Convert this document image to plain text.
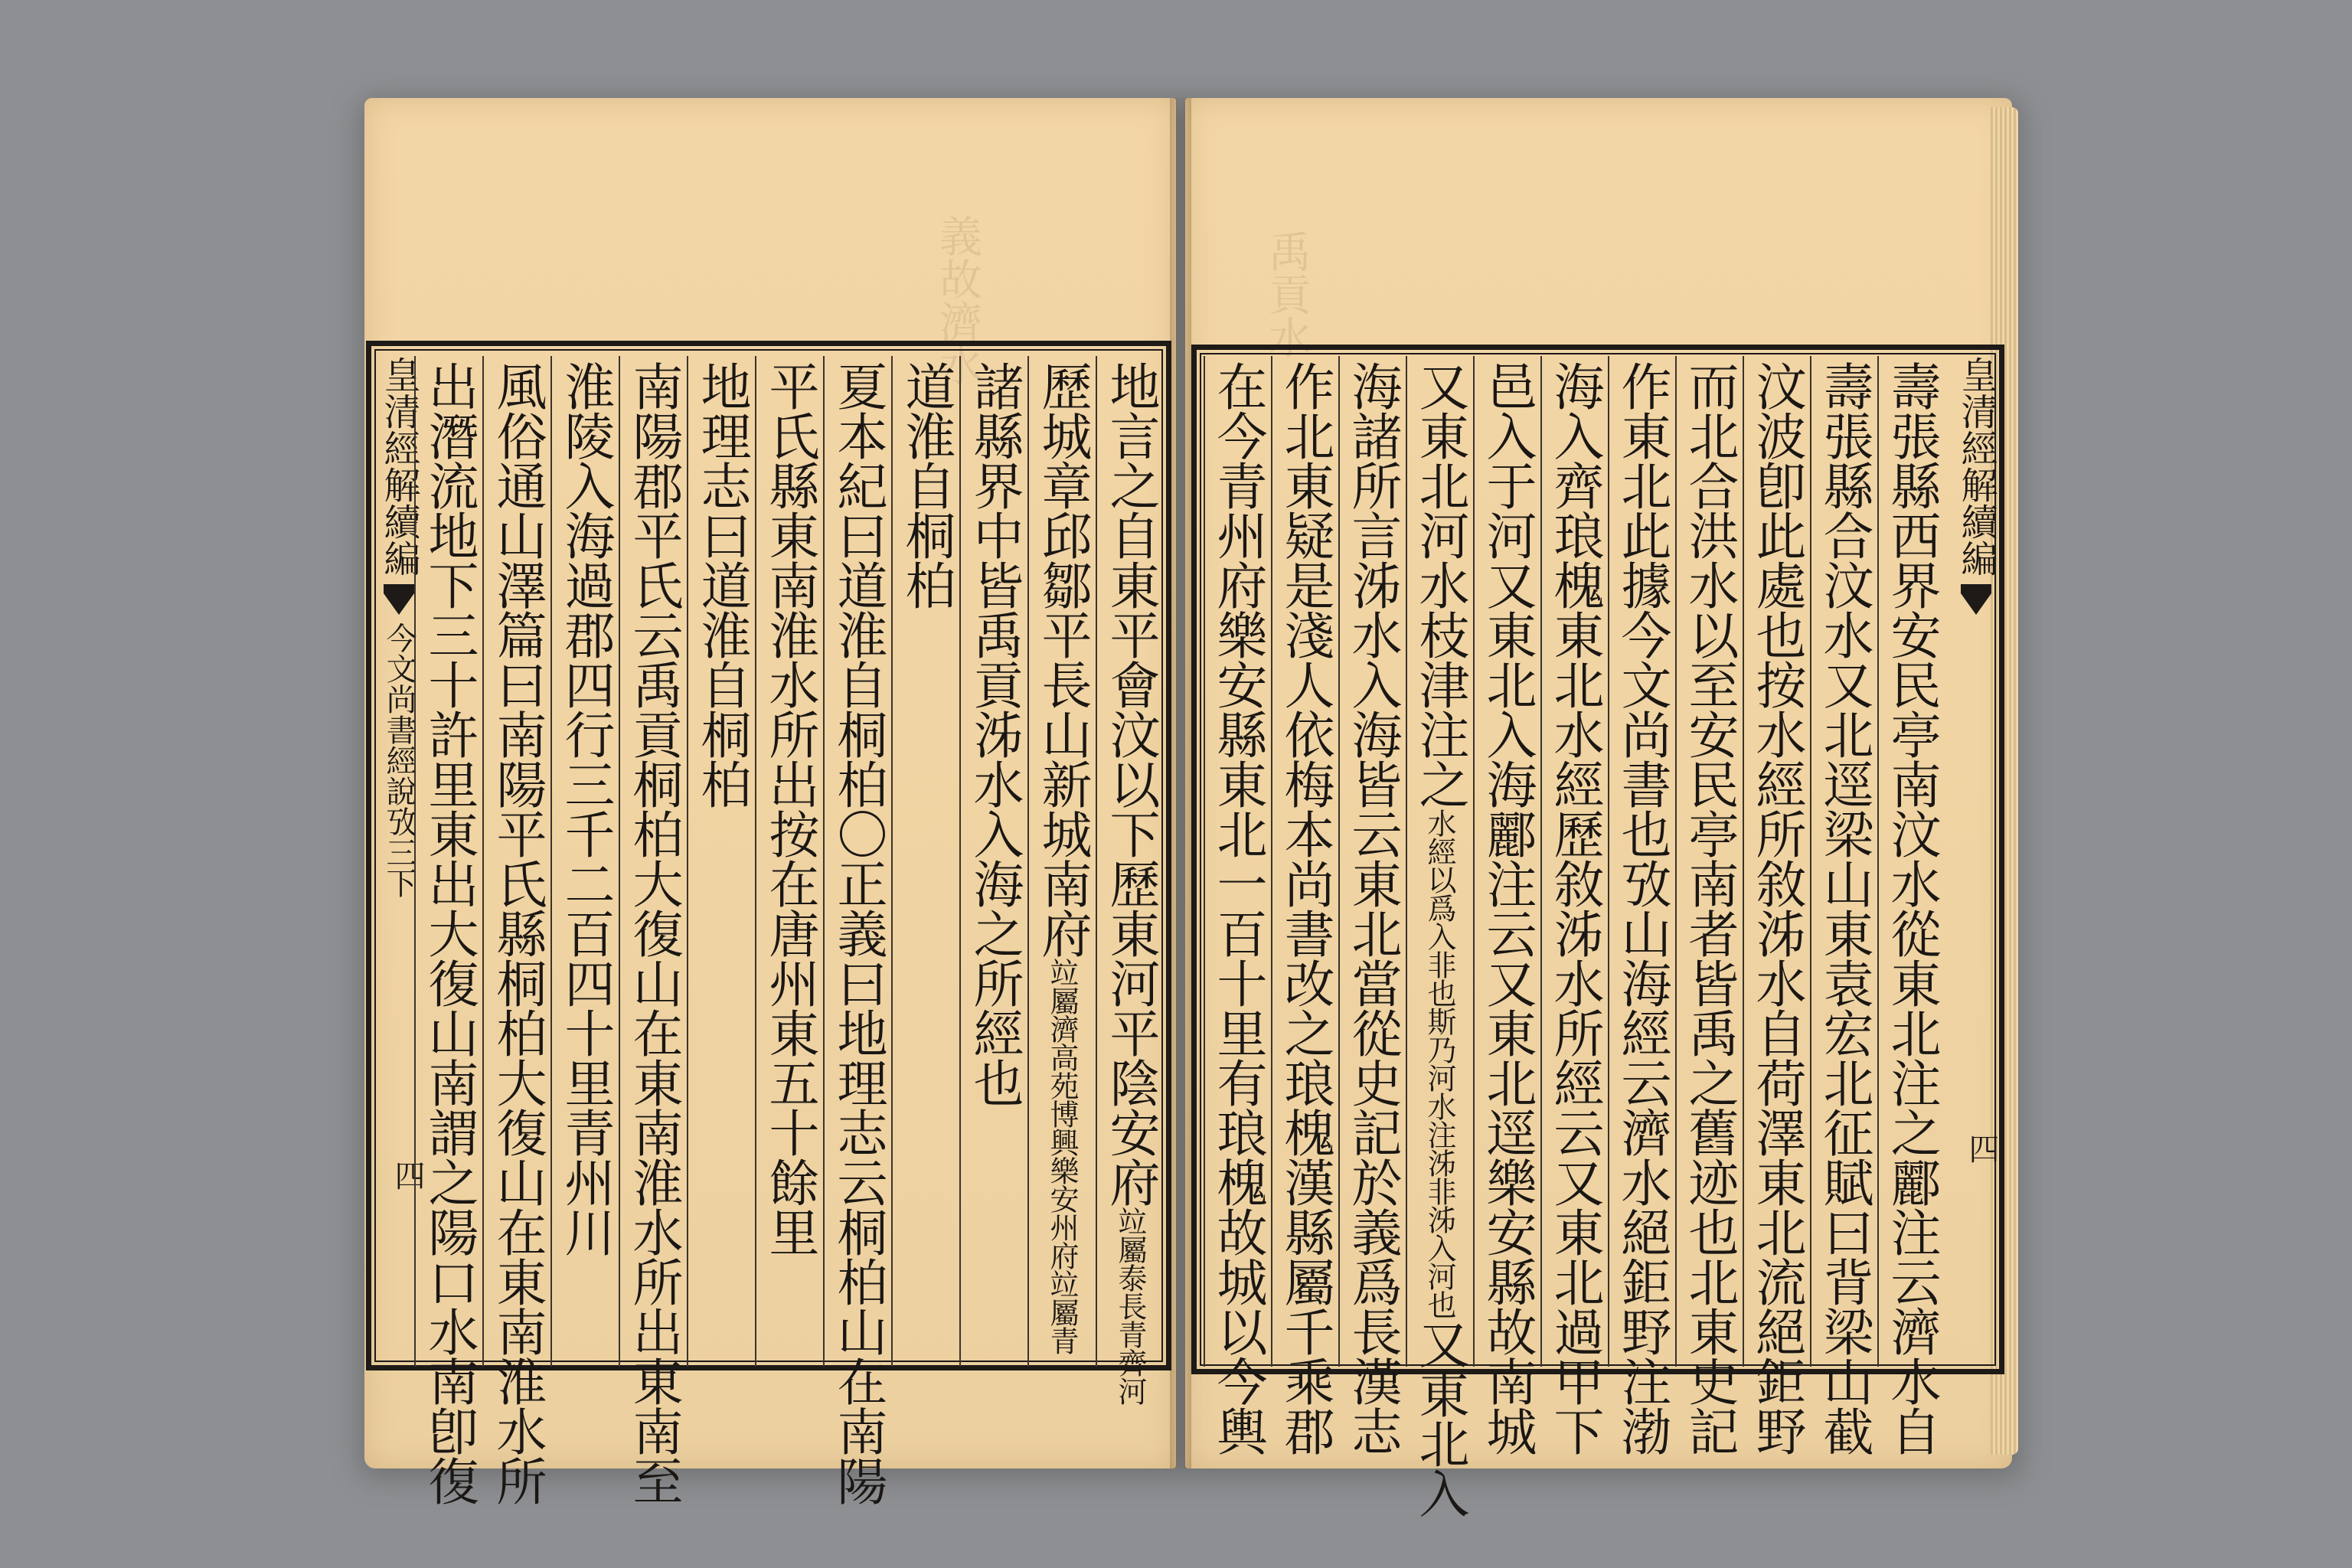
義故濟水	禹貢水
皇清經解續編今文尚書經說攷三下
四	地言之自東平會汶以下歷東河平陰安府竝屬泰長青齊河
歷城章邱鄒平長山新城南府竝屬濟高苑博興樂安州府竝屬青
諸縣界中皆禹貢泲水入海之所經也
道淮自桐柏
夏本紀曰道淮自桐柏〇正義曰地理志云桐柏山在南陽
平氏縣東南淮水所出按在唐州東五十餘里
地理志曰道淮自桐柏
南陽郡平氏云禹貢桐柏大復山在東南淮水所出東南至
淮陵入海過郡四行三千二百四十里青州川
風俗通山澤篇曰南陽平氏縣桐柏大復山在東南淮水所
出潛流地下三十許里東出大復山南謂之陽口水南卽復	皇清經解續編
四
壽張縣西界安民亭南汶水從東北注之酈注云濟水自
壽張縣合汶水又北逕梁山東袁宏北征賦曰背梁山截
汶波卽此處也按水經所敘泲水自荷澤東北流絕鉅野
而北合洪水以至安民亭南者皆禹之舊迹也北東史記
作東北此據今文尚書也攷山海經云濟水絕鉅野注渤
海入齊琅槐東北水經歷敘泲水所經云又東北過甲下
邑入于河又東北入海酈注云又東北逕樂安縣故南城
又東北河水枝津注之水經以爲入非也斯乃河水注泲非泲入河也又東北入
海諸所言泲水入海皆云東北當從史記於義爲長漢志
作北東疑是淺人依梅本尚書改之琅槐漢縣屬千乘郡
在今青州府樂安縣東北一百十里有琅槐故城以今輿
